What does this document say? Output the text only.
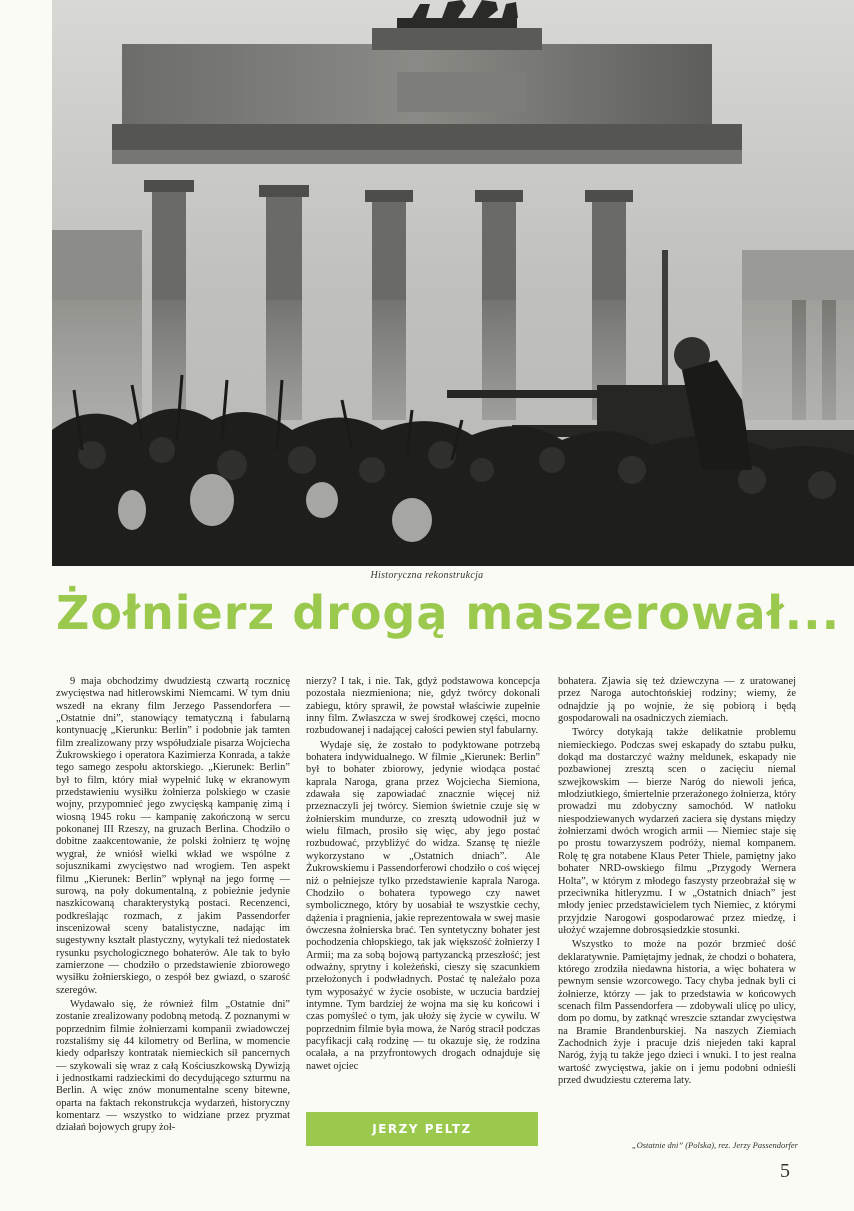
Historyczna rekonstrukcja
Żołnierz drogą maszerował...

9 maja obchodzimy dwudziestą czwartą rocznicę zwycięstwa nad hitlerowskimi Niemcami. W tym dniu wszedł na ekrany film Jerzego Passendorfera — „Ostatnie dni”, stanowiący tematyczną i fabularną kontynuację „Kierunku: Berlin” i podobnie jak tamten film zrealizowany przy współudziale pisarza Wojciecha Żukrowskiego i operatora Kazimierza Konrada, a także tego samego zespołu aktorskiego. „Kierunek: Berlin” był to film, który miał wypełnić lukę w ekranowym przedstawieniu wysiłku żołnierza polskiego w czasie wojny, przypomnieć jego zwycięską kampanię zimą i wiosną 1945 roku — kampanię zakończoną w sercu pokonanej III Rzeszy, na gruzach Berlina. Chodziło o dobitne zaakcentowanie, że polski żołnierz tę wojnę wygrał, że wniósł wielki wkład we wspólne z sojusznikami zwycięstwo nad wrogiem. Ten aspekt filmu „Kierunek: Berlin” wpłynął na jego formę — surową, na poły dokumentalną, z pobieżnie jedynie naszkicowaną charakterystyką postaci. Recenzenci, podkreślając rozmach, z jakim Passendorfer inscenizował sceny batalistyczne, nadając im sugestywny kształt plastyczny, wytykali też niedostatek rysunku psychologicznego bohaterów. Ale tak to było zamierzone — chodziło o przedstawienie zbiorowego wysiłku żołnierskiego, o zespół bez gwiazd, o szarość szeregów.

Wydawało się, że również film „Ostatnie dni” zostanie zrealizowany podobną metodą. Z poznanymi w poprzednim filmie żołnierzami kompanii zwiadowczej rozstaliśmy się 44 kilometry od Berlina, w momencie kiedy odparłszy kontratak niemieckich sił pancernych — szykowali się wraz z całą Kościuszkowską Dywizją i jednostkami radzieckimi do decydującego szturmu na Berlin. A więc znów monumentalne sceny bitewne, oparta na faktach rekonstrukcja wydarzeń, historyczny komentarz — wszystko to widziane przez pryzmat działań bojowych grupy żoł-

nierzy? I tak, i nie. Tak, gdyż podstawowa koncepcja pozostała niezmieniona; nie, gdyż twórcy dokonali zabiegu, który sprawił, że powstał właściwie zupełnie inny film. Zwłaszcza w swej środkowej części, mocno rozbudowanej i nadającej całości pewien styl fabularny.

Wydaje się, że zostało to podyktowane potrzebą bohatera indywidualnego. W filmie „Kierunek: Berlin” był to bohater zbiorowy, jedynie wiodąca postać kaprala Naroga, grana przez Wojciecha Siemiona, zdawała się zapowiadać znacznie więcej niż przeznaczyli jej twórcy. Siemion świetnie czuje się w żołnierskim mundurze, co zresztą udowodnił już w wielu filmach, prosiło się więc, aby jego postać rozbudować, przybliżyć do widza. Szansę tę nieźle wykorzystano w „Ostatnich dniach”. Ale Żukrowskiemu i Passendorferowi chodziło o coś więcej niż o pełniejsze tylko przedstawienie kaprala Naroga. Chodziło o bohatera typowego czy nawet symbolicznego, który by uosabiał te wszystkie cechy, dążenia i pragnienia, jakie reprezentowała w swej masie ówczesna żołnierska brać. Ten syntetyczny bohater jest pochodzenia chłopskiego, tak jak większość żołnierzy I Armii; ma za sobą bojową partyzancką przeszłość; jest odważny, sprytny i koleżeński, cieszy się szacunkiem przełożonych i podwładnych. Postać tę należało poza tym wyposażyć w życie osobiste, w uczucia bardziej intymne. Tym bardziej że wojna ma się ku końcowi i czas pomyśleć o tym, jak ułoży się życie w cywilu. W poprzednim filmie była mowa, że Naróg stracił podczas pacyfikacji całą rodzinę — tu okazuje się, że rodzina ocalała, a na przyfrontowych drogach odnajduje się nawet ojciec

bohatera. Zjawia się też dziewczyna — z uratowanej przez Naroga autochtońskiej rodziny; wiemy, że odnajdzie ją po wojnie, że się pobiorą i będą gospodarowali na osadniczych ziemiach.

Twórcy dotykają także delikatnie problemu niemieckiego. Podczas swej eskapady do sztabu pułku, dokąd ma dostarczyć ważny meldunek, eskapady nie pozbawionej zresztą scen o zacięciu niemal szwejkowskim — bierze Naróg do niewoli jeńca, młodziutkiego, śmiertelnie przerażonego żołnierza, który prowadzi mu zdobyczny samochód. W natłoku niespodziewanych wydarzeń zaciera się dystans między żołnierzami dwóch wrogich armii — Niemiec staje się po prostu towarzyszem podróży, niemal kompanem. Rolę tę gra notabene Klaus Peter Thiele, pamiętny jako bohater NRD-owskiego filmu „Przygody Wernera Holta”, w którym z młodego faszysty przeobrażał się w przeciwnika hitleryzmu. I w „Ostatnich dniach” jest młody jeniec przedstawicielem tych Niemiec, z którymi przyjdzie Narogowi gospodarować przez miedzę, i ułożyć wzajemne dobrosąsiedzkie stosunki.

Wszystko to może na pozór brzmieć dość deklaratywnie. Pamiętajmy jednak, że chodzi o bohatera, którego zrodziła niedawna historia, a więc bohatera w pewnym sensie wzorcowego. Tacy chyba jednak byli ci żołnierze, którzy — jak to przedstawia w końcowych scenach film Passendorfera — zdobywali ulicę po ulicy, dom po domu, by zatknąć wreszcie sztandar zwycięstwa na Bramie Brandenburskiej. Na naszych Ziemiach Zachodnich żyje i pracuje dziś niejeden taki kapral Naróg, żyją tu także jego dzieci i wnuki. I to jest realna wartość zwycięstwa, jakie on i jemu podobni odnieśli przed dwudziestu czterema laty.

JERZY PELTZ
„Ostatnie dni” (Polska), rez. Jerzy Passendorfer
5
